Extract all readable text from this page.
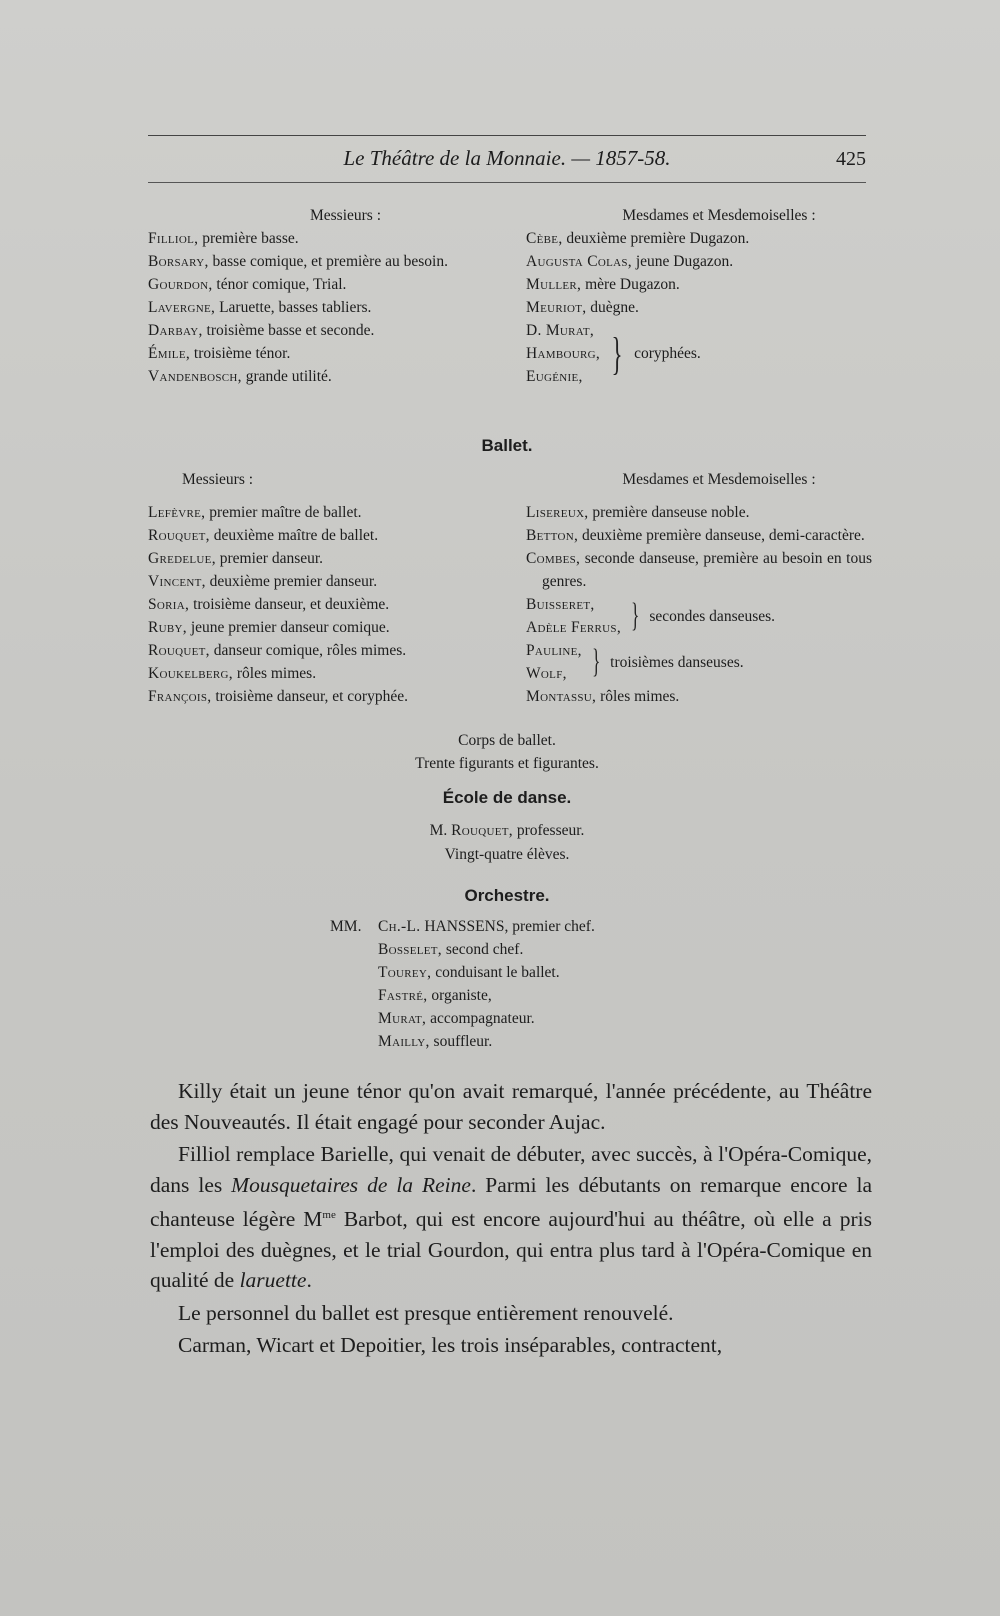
Le Théâtre de la Monnaie. — 1857-58.	425
Messieurs :
Filliol, première basse.
Borsary, basse comique, et première au besoin.
Gourdon, ténor comique, Trial.
Lavergne, Laruette, basses tabliers.
Darbay, troisième basse et seconde.
Émile, troisième ténor.
Vandenbosch, grande utilité.
Mesdames et Mesdemoiselles :
Cèbe, deuxième première Dugazon.
Augusta Colas, jeune Dugazon.
Muller, mère Dugazon.
Meuriot, duègne.
D. Murat,
Hambourg,
Eugénie, } coryphées.
Ballet.
Messieurs :
Lefèvre, premier maître de ballet.
Rouquet, deuxième maître de ballet.
Gredelue, premier danseur.
Vincent, deuxième premier danseur.
Soria, troisième danseur, et deuxième.
Ruby, jeune premier danseur comique.
Rouquet, danseur comique, rôles mimes.
Koukelberg, rôles mimes.
François, troisième danseur, et coryphée.
Mesdames et Mesdemoiselles :
Lisereux, première danseuse noble.
Betton, deuxième première danseuse, demi-caractère.
Combes, seconde danseuse, première au besoin en tous genres.
Buisseret,
Adèle Ferrus, } secondes danseuses.
Pauline,
Wolf, } troisièmes danseuses.
Montassu, rôles mimes.
Corps de ballet.
Trente figurants et figurantes.
École de danse.
M. Rouquet, professeur.
Vingt-quatre élèves.
Orchestre.
MM.	Ch.-L. HANSSENS, premier chef.
Bosselet, second chef.
Tourey, conduisant le ballet.
Fastré, organiste,
Murat, accompagnateur.
Mailly, souffleur.

Killy était un jeune ténor qu'on avait remarqué, l'année précédente, au Théâtre des Nouveautés. Il était engagé pour seconder Aujac.

Filliol remplace Barielle, qui venait de débuter, avec succès, à l'Opéra-Comique, dans les Mousquetaires de la Reine. Parmi les débutants on remarque encore la chanteuse légère $M^{me}$ Barbot, qui est encore aujourd'hui au théâtre, où elle a pris l'emploi des duègnes, et le trial Gourdon, qui entra plus tard à l'Opéra-Comique en qualité de laruette.

Le personnel du ballet est presque entièrement renouvelé.

Carman, Wicart et Depoitier, les trois inséparables, contractent,
